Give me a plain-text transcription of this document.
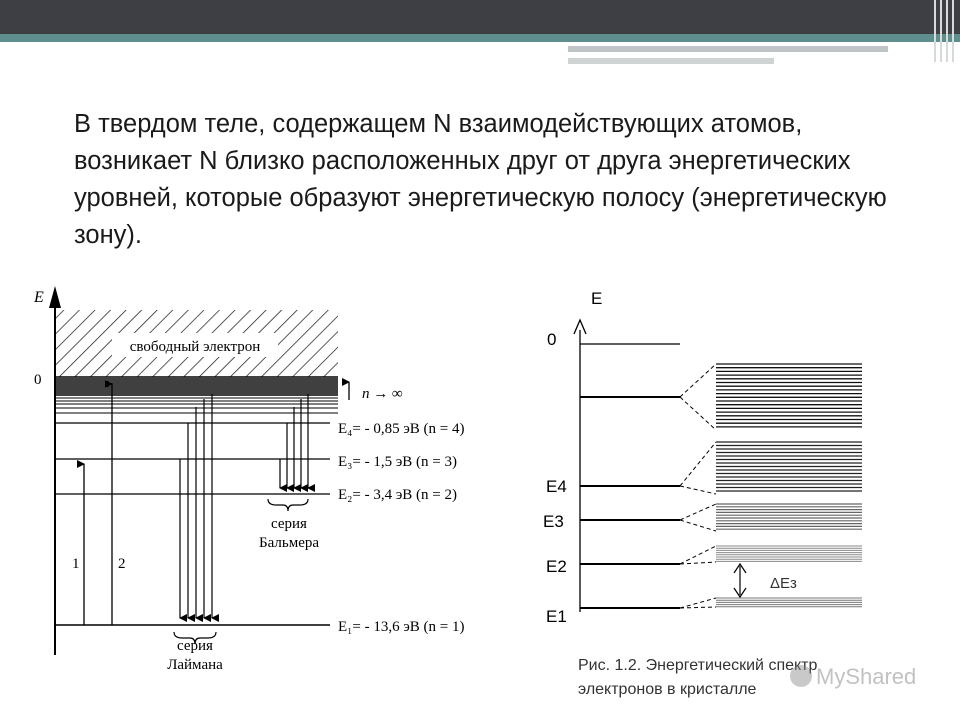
В твердом теле, содержащем N взаимодействующих атомов, возникает N близко расположенных друг от друга энергетических уровней, которые образуют энергетическую полосу (энергетическую зону).

E
0
свободный электрон
n → ∞
E₄= - 0,85 эВ (n = 4)
E₃= - 1,5 эВ (n = 3)
E₂= - 3,4 эВ (n = 2)
E₁= - 13,6 эВ (n = 1)
1	2
серия
Лаймана
серия
Бальмера
E
0
E4
E3
E2
E1
ΔEз
Рис. 1.2. Энергетический спектр
электронов в кристалле
MyShared
